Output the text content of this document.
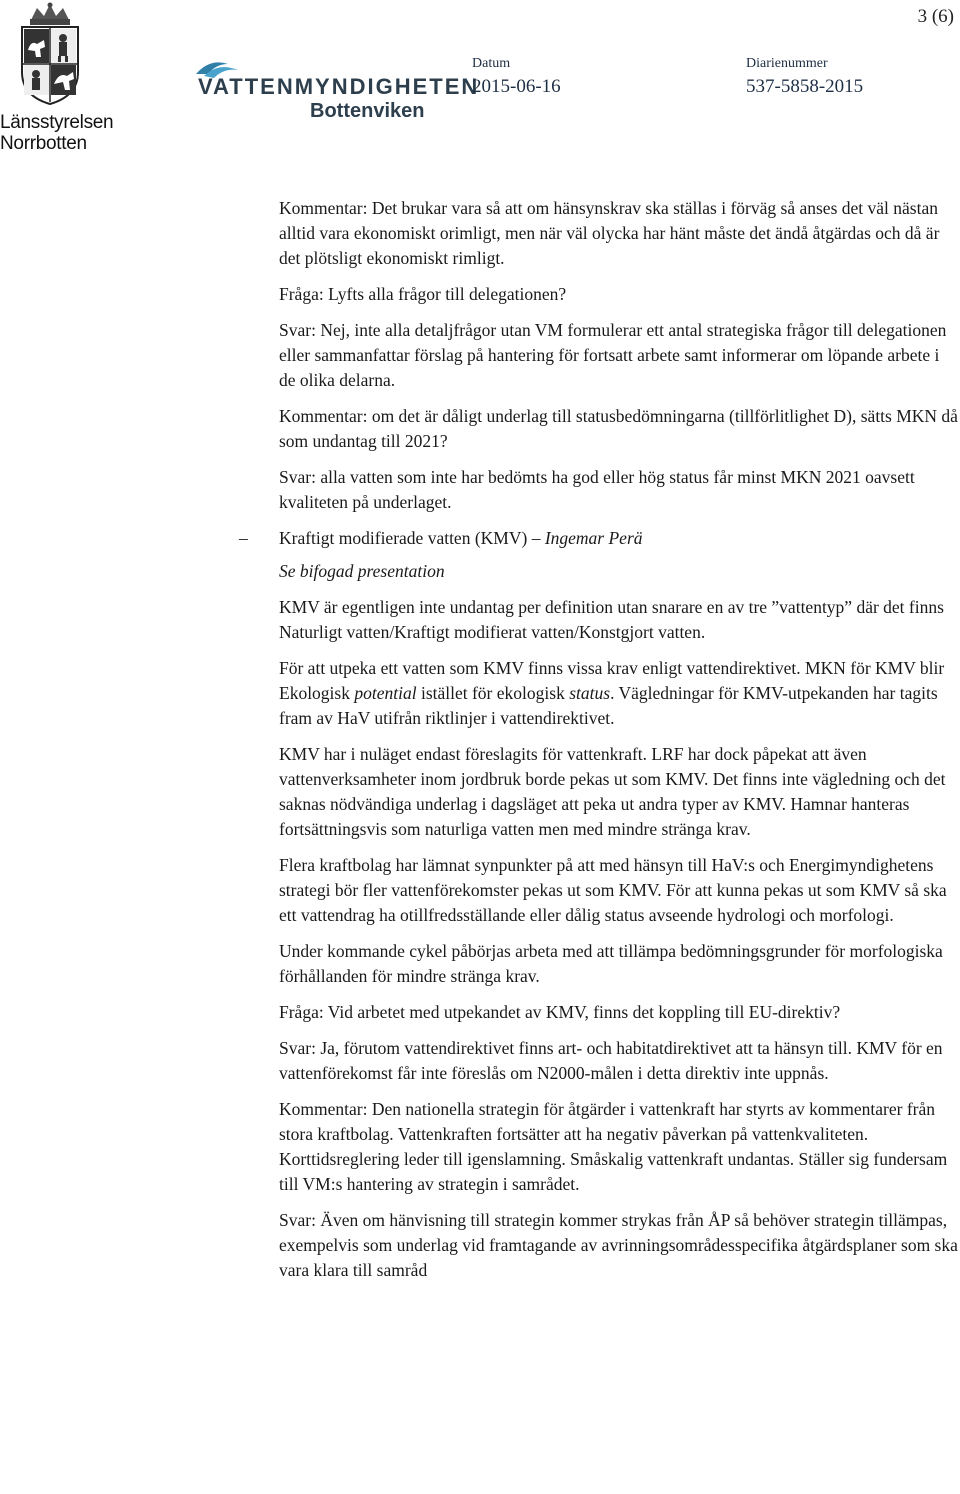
3 (6)
Länsstyrelsen
Norrbotten
VATTENMYNDIGHETEN
Bottenviken
Datum
2015-06-16
Diarienummer
537-5858-2015

Kommentar: Det brukar vara så att om hänsynskrav ska ställas i förväg så anses det väl nästan alltid vara ekonomiskt orimligt, men när väl olycka har hänt måste det ändå åtgärdas och då är det plötsligt ekonomiskt rimligt.

Fråga: Lyfts alla frågor till delegationen?

Svar: Nej, inte alla detaljfrågor utan VM formulerar ett antal strategiska frågor till delegationen eller sammanfattar förslag på hantering för fortsatt arbete samt informerar om löpande arbete i de olika delarna.

Kommentar: om det är dåligt underlag till statusbedömningarna (tillförlitlighet D), sätts MKN då som undantag till 2021?

Svar: alla vatten som inte har bedömts ha god eller hög status får minst MKN 2021 oavsett kvaliteten på underlaget.

– Kraftigt modifierade vatten (KMV) – Ingemar Perä

Se bifogad presentation

KMV är egentligen inte undantag per definition utan snarare en av tre ”vattentyp” där det finns Naturligt vatten/Kraftigt modifierat vatten/Konstgjort vatten.

För att utpeka ett vatten som KMV finns vissa krav enligt vattendirektivet. MKN för KMV blir Ekologisk potential istället för ekologisk status. Vägledningar för KMV-utpekanden har tagits fram av HaV utifrån riktlinjer i vattendirektivet.

KMV har i nuläget endast föreslagits för vattenkraft. LRF har dock påpekat att även vattenverksamheter inom jordbruk borde pekas ut som KMV. Det finns inte vägledning och det saknas nödvändiga underlag i dagsläget att peka ut andra typer av KMV. Hamnar hanteras fortsättningsvis som naturliga vatten men med mindre stränga krav.

Flera kraftbolag har lämnat synpunkter på att med hänsyn till HaV:s och Energimyndighetens strategi bör fler vattenförekomster pekas ut som KMV. För att kunna pekas ut som KMV så ska ett vattendrag ha otillfredsställande eller dålig status avseende hydrologi och morfologi.

Under kommande cykel påbörjas arbeta med att tillämpa bedömningsgrunder för morfologiska förhållanden för mindre stränga krav.

Fråga: Vid arbetet med utpekandet av KMV, finns det koppling till EU-direktiv?

Svar: Ja, förutom vattendirektivet finns art- och habitatdirektivet att ta hänsyn till. KMV för en vattenförekomst får inte föreslås om N2000-målen i detta direktiv inte uppnås.

Kommentar: Den nationella strategin för åtgärder i vattenkraft har styrts av kommentarer från stora kraftbolag. Vattenkraften fortsätter att ha negativ påverkan på vattenkvaliteten. Korttidsreglering leder till igenslamning. Småskalig vattenkraft undantas. Ställer sig fundersam till VM:s hantering av strategin i samrådet.

Svar: Även om hänvisning till strategin kommer strykas från ÅP så behöver strategin tillämpas, exempelvis som underlag vid framtagande av avrinningsområdesspecifika åtgärdsplaner som ska vara klara till samråd
